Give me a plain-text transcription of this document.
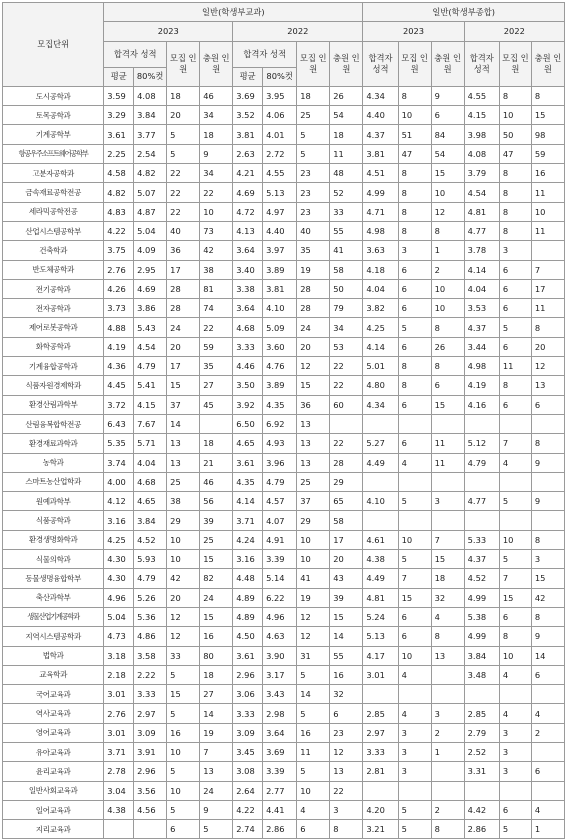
모집단위	일반(학생부교과)								일반(학생부종합)					
	2023				2022				2023			2022		
	합격자 성적		모집 인원	충원 인원	합격자 성적		모집 인원	충원 인원	합격자 성적	모집 인원	충원 인원	합격자 성적	모집 인원	충원 인원
	평균	80%컷			평균	80%컷								
도시공학과	3.59	4.08	18	46	3.69	3.95	18	26	4.34	8	9	4.55	8	8
토목공학과	3.29	3.84	20	34	3.52	4.06	25	54	4.40	10	6	4.15	10	15
기계공학부	3.61	3.77	5	18	3.81	4.01	5	18	4.37	51	84	3.98	50	98
항공우주소프트웨어공학부	2.25	2.54	5	9	2.63	2.72	5	11	3.81	47	54	4.08	47	59
고분자공학과	4.58	4.82	22	34	4.21	4.55	23	48	4.51	8	15	3.79	8	16
금속재료공학전공	4.82	5.07	22	22	4.69	5.13	23	52	4.99	8	10	4.54	8	11
세라믹공학전공	4.83	4.87	22	10	4.72	4.97	23	33	4.71	8	12	4.81	8	10
산업시스템공학부	4.22	5.04	40	73	4.13	4.40	40	55	4.98	8	8	4.77	8	11
건축학과	3.75	4.09	36	42	3.64	3.97	35	41	3.63	3	1	3.78	3	
반도체공학과	2.76	2.95	17	38	3.40	3.89	19	58	4.18	6	2	4.14	6	7
전기공학과	4.26	4.69	28	81	3.38	3.81	28	50	4.04	6	10	4.04	6	17
전자공학과	3.73	3.86	28	74	3.64	4.10	28	79	3.82	6	10	3.53	6	11
제어로봇공학과	4.88	5.43	24	22	4.68	5.09	24	34	4.25	5	8	4.37	5	8
화학공학과	4.19	4.54	20	59	3.33	3.60	20	53	4.14	6	26	3.44	6	20
기계융합공학과	4.36	4.79	17	35	4.46	4.76	12	22	5.01	8	8	4.98	11	12
식품자원경제학과	4.45	5.41	15	27	3.50	3.89	15	22	4.80	8	6	4.19	8	13
환경산림과학부	3.72	4.15	37	45	3.92	4.35	36	60	4.34	6	15	4.16	6	6
산림융복합학전공	6.43	7.67	14		6.50	6.92	13							
환경재료과학과	5.35	5.71	13	18	4.65	4.93	13	22	5.27	6	11	5.12	7	8
농학과	3.74	4.04	13	21	3.61	3.96	13	28	4.49	4	11	4.79	4	9
스마트농산업학과	4.00	4.68	25	46	4.35	4.79	25	29						
원예과학부	4.12	4.65	38	56	4.14	4.57	37	65	4.10	5	3	4.77	5	9
식품공학과	3.16	3.84	29	39	3.71	4.07	29	58						
환경생명화학과	4.25	4.52	10	25	4.24	4.91	10	17	4.61	10	7	5.33	10	8
식물의학과	4.30	5.93	10	15	3.16	3.39	10	20	4.38	5	15	4.37	5	3
동물생명융합학부	4.30	4.79	42	82	4.48	5.14	41	43	4.49	7	18	4.52	7	15
축산과학부	4.96	5.26	20	24	4.89	6.22	19	39	4.81	15	32	4.99	15	42
생물산업기계공학과	5.04	5.36	12	15	4.89	4.96	12	15	5.24	6	4	5.38	6	8
지역시스템공학과	4.73	4.86	12	16	4.50	4.63	12	14	5.13	6	8	4.99	8	9
법학과	3.18	3.58	33	80	3.61	3.90	31	55	4.17	10	13	3.84	10	14
교육학과	2.18	2.22	5	18	2.96	3.17	5	16	3.01	4		3.48	4	6
국어교육과	3.01	3.33	15	27	3.06	3.43	14	32						
역사교육과	2.76	2.97	5	14	3.33	2.98	5	6	2.85	4	3	2.85	4	4
영어교육과	3.01	3.09	16	19	3.09	3.64	16	23	2.97	3	2	2.79	3	2
유아교육과	3.71	3.91	10	7	3.45	3.69	11	12	3.33	3	1	2.52	3	
윤리교육과	2.78	2.96	5	13	3.08	3.39	5	13	2.81	3		3.31	3	6
일반사회교육과	3.04	3.56	10	24	2.64	2.77	10	22						
일어교육과	4.38	4.56	5	9	4.22	4.41	4	3	4.20	5	2	4.42	6	4
지리교육과			6	5	2.74	2.86	6	8	3.21	5	8	2.86	5	1
